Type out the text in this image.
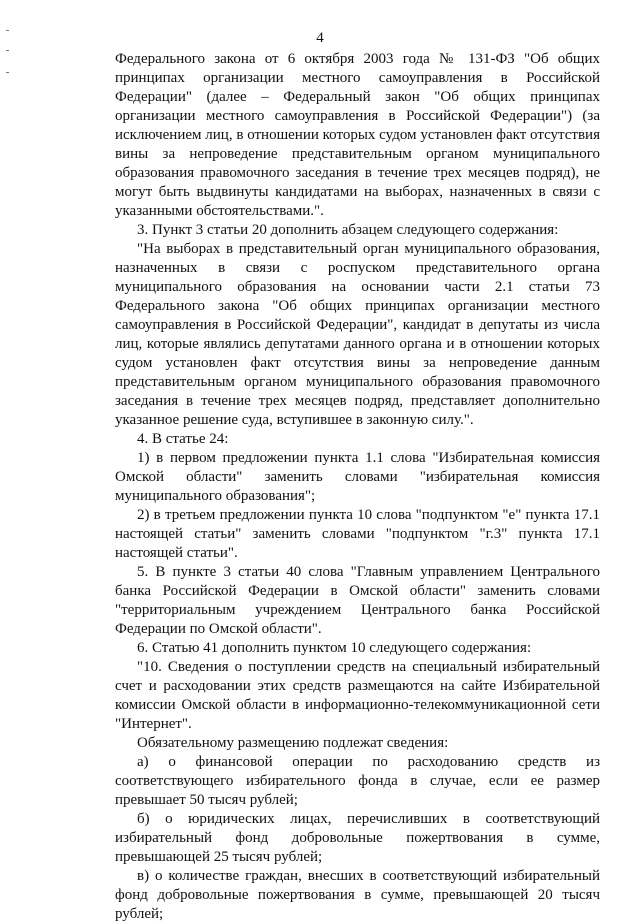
4

Федерального закона от 6 октября 2003 года № 131-ФЗ "Об общих принципах организации местного самоуправления в Российской Федерации" (далее – Федеральный закон "Об общих принципах организации местного самоуправления в Российской Федерации") (за исключением лиц, в отношении которых судом установлен факт отсутствия вины за непроведение представительным органом муниципального образования правомочного заседания в течение трех месяцев подряд), не могут быть выдвинуты кандидатами на выборах, назначенных в связи с указанными обстоятельствами.".

3. Пункт 3 статьи 20 дополнить абзацем следующего содержания:

"На выборах в представительный орган муниципального образования, назначенных в связи с роспуском представительного органа муниципального образования на основании части 2.1 статьи 73 Федерального закона "Об общих принципах организации местного самоуправления в Российской Федерации", кандидат в депутаты из числа лиц, которые являлись депутатами данного органа и в отношении которых судом установлен факт отсутствия вины за непроведение данным представительным органом муниципального образования правомочного заседания в течение трех месяцев подряд, представляет дополнительно указанное решение суда, вступившее в законную силу.".

4. В статье 24:

1) в первом предложении пункта 1.1 слова "Избирательная комиссия Омской области" заменить словами "избирательная комиссия муниципального образования";

2) в третьем предложении пункта 10 слова "подпунктом "е" пункта 17.1 настоящей статьи" заменить словами "подпунктом "г.3" пункта 17.1 настоящей статьи".

5. В пункте 3 статьи 40 слова "Главным управлением Центрального банка Российской Федерации в Омской области" заменить словами "территориальным учреждением Центрального банка Российской Федерации по Омской области".

6. Статью 41 дополнить пунктом 10 следующего содержания:

"10. Сведения о поступлении средств на специальный избирательный счет и расходовании этих средств размещаются на сайте Избирательной комиссии Омской области в информационно-телекоммуникационной сети "Интернет".

Обязательному размещению подлежат сведения:

а) о финансовой операции по расходованию средств из соответствующего избирательного фонда в случае, если ее размер превышает 50 тысяч рублей;

б) о юридических лицах, перечисливших в соответствующий избирательный фонд добровольные пожертвования в сумме, превышающей 25 тысяч рублей;

в) о количестве граждан, внесших в соответствующий избирательный фонд добровольные пожертвования в сумме, превышающей 20 тысяч рублей;
